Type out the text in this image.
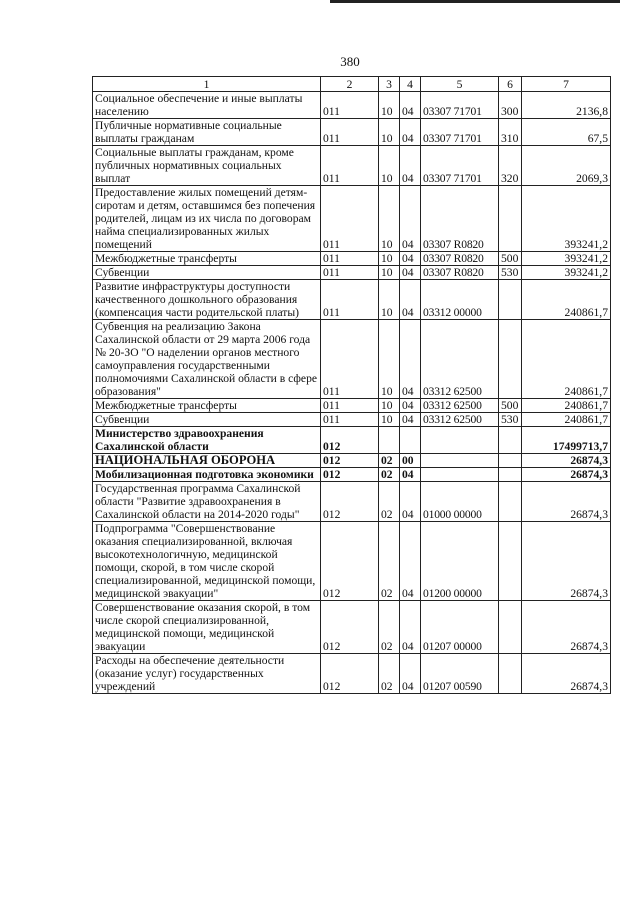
380
1	2	3	4	5	6	7
Социальное обеспечение и иные выплаты населению	011	10	04	03307 71701	300	2136,8
Публичные нормативные социальные выплаты гражданам	011	10	04	03307 71701	310	67,5
Социальные выплаты гражданам, кроме публичных нормативных социальных выплат	011	10	04	03307 71701	320	2069,3
Предоставление жилых помещений детям-сиротам и детям, оставшимся без попечения родителей, лицам из их числа по договорам найма специализированных жилых помещений	011	10	04	03307 R0820		393241,2
Межбюджетные трансферты	011	10	04	03307 R0820	500	393241,2
Субвенции	011	10	04	03307 R0820	530	393241,2
Развитие инфраструктуры доступности качественного дошкольного образования (компенсация части родительской платы)	011	10	04	03312 00000		240861,7
Субвенция на реализацию Закона Сахалинской области от 29 марта 2006 года № 20-ЗО "О наделении органов местного самоуправления государственными полномочиями Сахалинской области в сфере образования"	011	10	04	03312 62500		240861,7
Межбюджетные трансферты	011	10	04	03312 62500	500	240861,7
Субвенции	011	10	04	03312 62500	530	240861,7
Министерство здравоохранения Сахалинской области	012					17499713,7
НАЦИОНАЛЬНАЯ ОБОРОНА	012	02	00			26874,3
Мобилизационная подготовка экономики	012	02	04			26874,3
Государственная программа Сахалинской области "Развитие здравоохранения в Сахалинской области на 2014-2020 годы"	012	02	04	01000 00000		26874,3
Подпрограмма "Совершенствование оказания специализированной, включая высокотехнологичную, медицинской помощи, скорой, в том числе скорой специализированной, медицинской помощи, медицинской эвакуации"	012	02	04	01200 00000		26874,3
Совершенствование оказания скорой, в том числе скорой специализированной, медицинской помощи, медицинской эвакуации	012	02	04	01207 00000		26874,3
Расходы на обеспечение деятельности (оказание услуг) государственных учреждений	012	02	04	01207 00590		26874,3
